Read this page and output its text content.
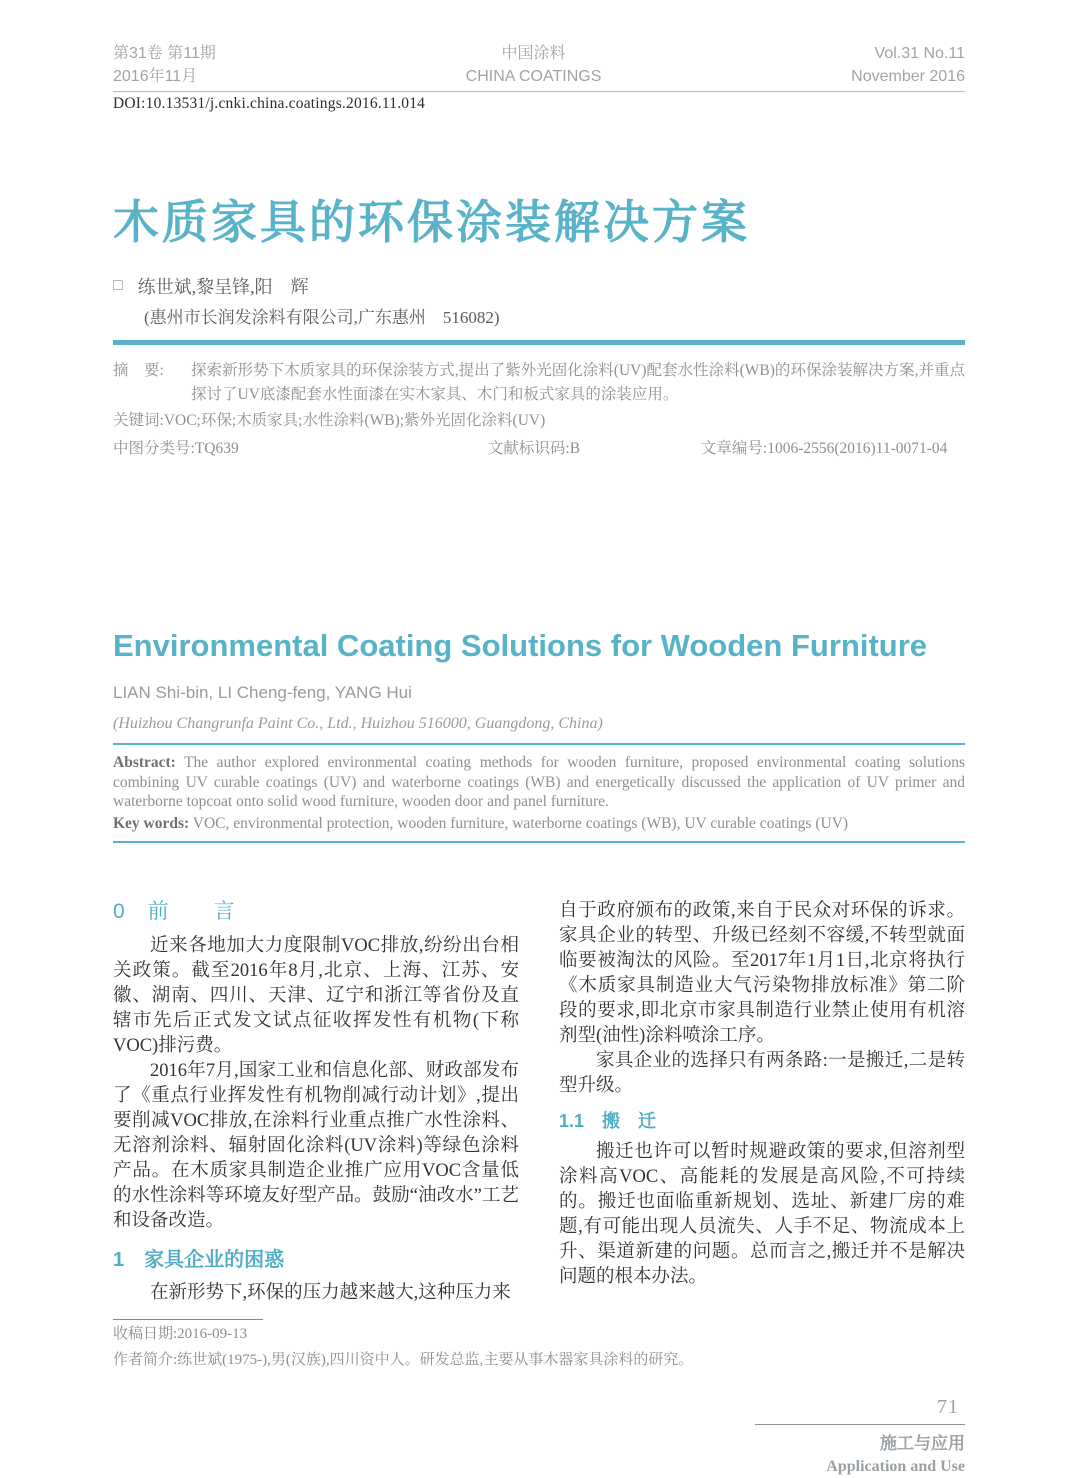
第31卷 第11期
2016年11月
中国涂料
CHINA COATINGS
Vol.31 No.11
November 2016
DOI:10.13531/j.cnki.china.coatings.2016.11.014
木质家具的环保涂装解决方案
□ 练世斌,黎呈锋,阳　辉
(惠州市长润发涂料有限公司,广东惠州　516082)
摘　要:	探索新形势下木质家具的环保涂装方式,提出了紫外光固化涂料(UV)配套水性涂料(WB)的环保涂装解决方案,并重点探讨了UV底漆配套水性面漆在实木家具、木门和板式家具的涂装应用。
关键词:VOC;环保;木质家具;水性涂料(WB);紫外光固化涂料(UV)
中图分类号:TQ639	文献标识码:B	文章编号:1006-2556(2016)11-0071-04
Environmental Coating Solutions for Wooden Furniture
LIAN Shi-bin, LI Cheng-feng, YANG Hui
(Huizhou Changrunfa Paint Co., Ltd., Huizhou 516000, Guangdong, China)
Abstract: The author explored environmental coating methods for wooden furniture, proposed environmental coating solutions combining UV curable coatings (UV) and waterborne coatings (WB) and energetically discussed the application of UV primer and waterborne topcoat onto solid wood furniture, wooden door and panel furniture.
Key words: VOC, environmental protection, wooden furniture, waterborne coatings (WB), UV curable coatings (UV)
0　前　　言

近来各地加大力度限制VOC排放,纷纷出台相关政策。截至2016年8月,北京、上海、江苏、安徽、湖南、四川、天津、辽宁和浙江等省份及直辖市先后正式发文试点征收挥发性有机物(下称VOC)排污费。

2016年7月,国家工业和信息化部、财政部发布了《重点行业挥发性有机物削减行动计划》,提出要削减VOC排放,在涂料行业重点推广水性涂料、无溶剂涂料、辐射固化涂料(UV涂料)等绿色涂料产品。在木质家具制造企业推广应用VOC含量低的水性涂料等环境友好型产品。鼓励“油改水”工艺和设备改造。

1　家具企业的困惑

在新形势下,环保的压力越来越大,这种压力来

收稿日期:2016-09-13

自于政府颁布的政策,来自于民众对环保的诉求。家具企业的转型、升级已经刻不容缓,不转型就面临要被淘汰的风险。至2017年1月1日,北京将执行《木质家具制造业大气污染物排放标准》第二阶段的要求,即北京市家具制造行业禁止使用有机溶剂型(油性)涂料喷涂工序。

家具企业的选择只有两条路:一是搬迁,二是转型升级。

1.1　搬　迁

搬迁也许可以暂时规避政策的要求,但溶剂型涂料高VOC、高能耗的发展是高风险,不可持续的。搬迁也面临重新规划、选址、新建厂房的难题,有可能出现人员流失、人手不足、物流成本上升、渠道新建的问题。总而言之,搬迁并不是解决问题的根本办法。

作者简介:练世斌(1975-),男(汉族),四川资中人。研发总监,主要从事木器家具涂料的研究。
71
施工与应用
Application and Use
